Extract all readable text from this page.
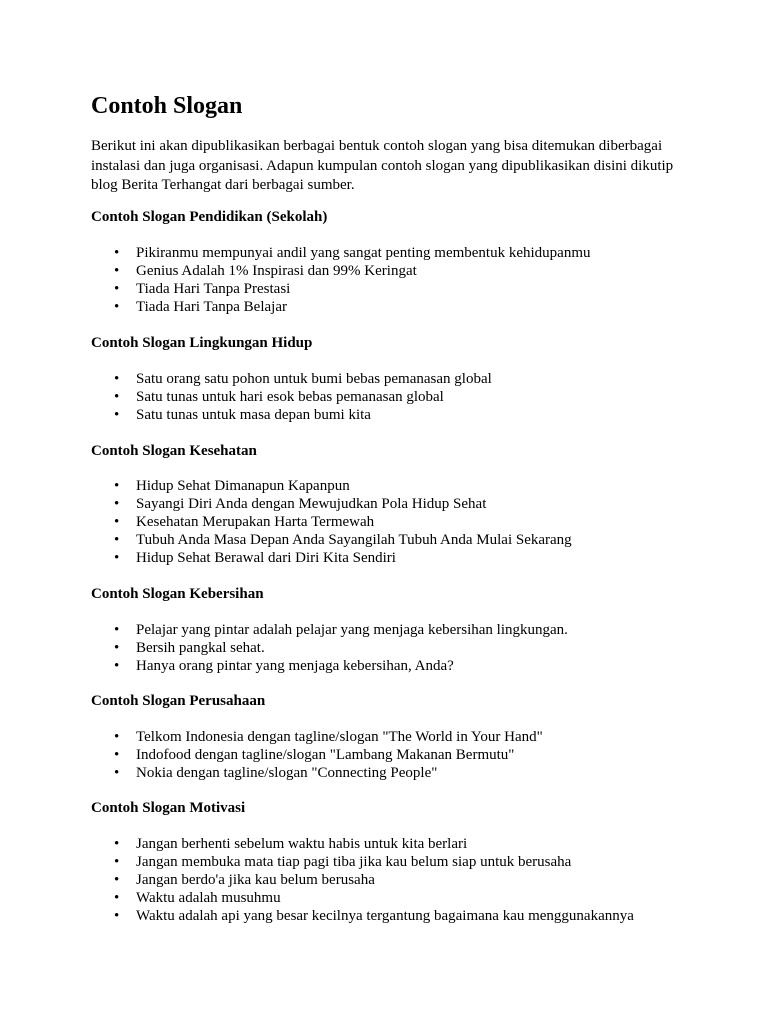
Contoh Slogan

Berikut ini akan dipublikasikan berbagai bentuk contoh slogan yang bisa ditemukan diberbagai instalasi dan juga organisasi. Adapun kumpulan contoh slogan yang dipublikasikan disini dikutip blog Berita Terhangat dari berbagai sumber.

Contoh Slogan Pendidikan (Sekolah)
• Pikiranmu mempunyai andil yang sangat penting membentuk kehidupanmu
• Genius Adalah 1% Inspirasi dan 99% Keringat
• Tiada Hari Tanpa Prestasi
• Tiada Hari Tanpa Belajar
Contoh Slogan Lingkungan Hidup
• Satu orang satu pohon untuk bumi bebas pemanasan global
• Satu tunas untuk hari esok bebas pemanasan global
• Satu tunas untuk masa depan bumi kita
Contoh Slogan Kesehatan
• Hidup Sehat Dimanapun Kapanpun
• Sayangi Diri Anda dengan Mewujudkan Pola Hidup Sehat
• Kesehatan Merupakan Harta Termewah
• Tubuh Anda Masa Depan Anda Sayangilah Tubuh Anda Mulai Sekarang
• Hidup Sehat Berawal dari Diri Kita Sendiri
Contoh Slogan Kebersihan
• Pelajar yang pintar adalah pelajar yang menjaga kebersihan lingkungan.
• Bersih pangkal sehat.
• Hanya orang pintar yang menjaga kebersihan, Anda?
Contoh Slogan Perusahaan
• Telkom Indonesia dengan tagline/slogan "The World in Your Hand"
• Indofood dengan tagline/slogan "Lambang Makanan Bermutu"
• Nokia dengan tagline/slogan "Connecting People"
Contoh Slogan Motivasi
• Jangan berhenti sebelum waktu habis untuk kita berlari
• Jangan membuka mata tiap pagi tiba jika kau belum siap untuk berusaha
• Jangan berdo'a jika kau belum berusaha
• Waktu adalah musuhmu
• Waktu adalah api yang besar kecilnya tergantung bagaimana kau menggunakannya
